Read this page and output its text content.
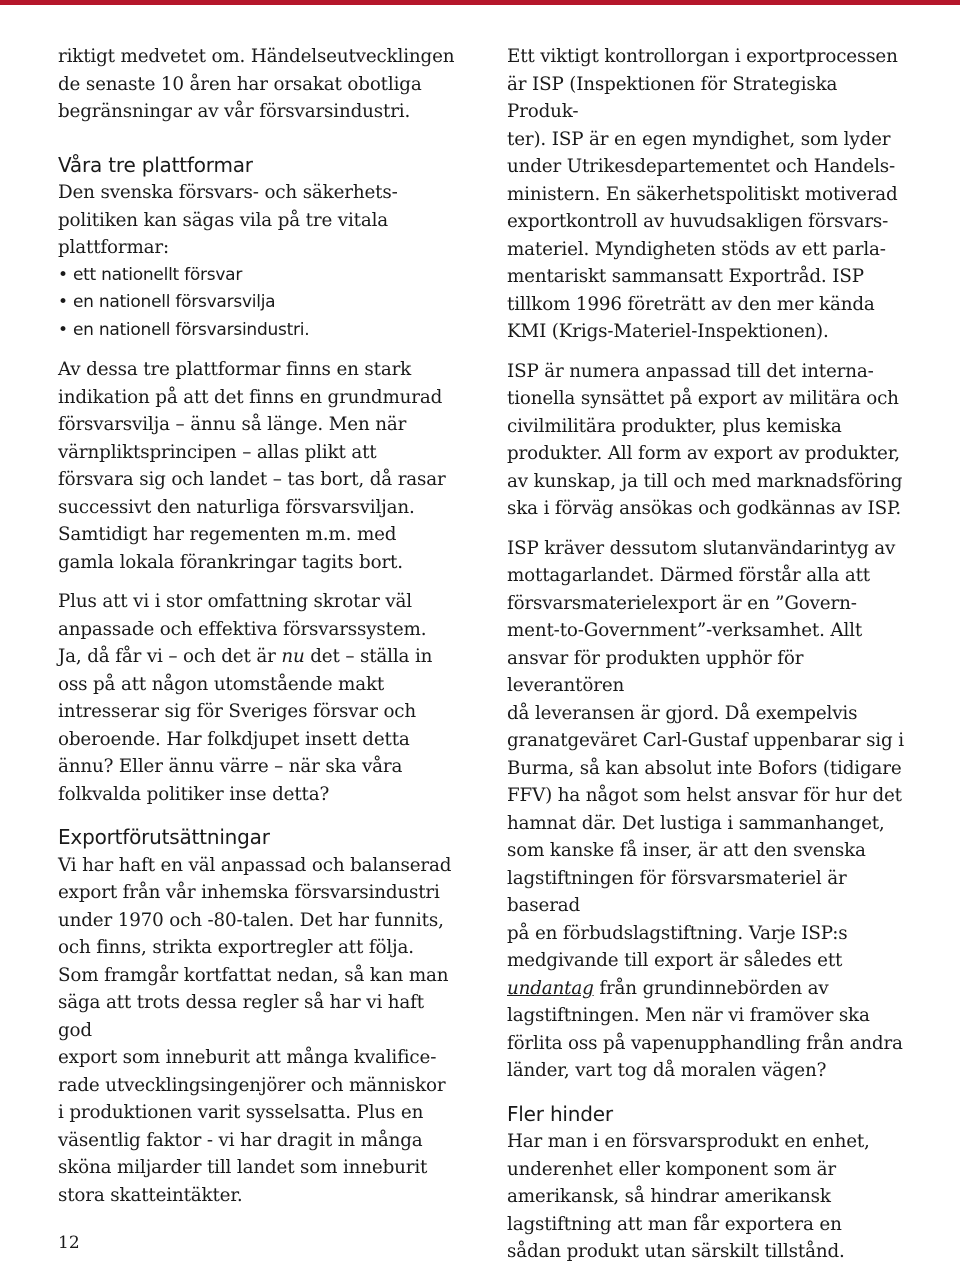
riktigt medvetet om. Händelseutvecklingen
de senaste 10 åren har orsakat obotliga
begränsningar av vår försvarsindustri.

Våra tre plattformar

Den svenska försvars- och säkerhets-
politiken kan sägas vila på tre vitala
plattformar:

• ett nationellt försvar
• en nationell försvarsvilja
• en nationell försvarsindustri.

Av dessa tre plattformar finns en stark
indikation på att det finns en grundmurad
försvarsvilja – ännu så länge. Men när
värnpliktsprincipen – allas plikt att
försvara sig och landet – tas bort, då rasar
successivt den naturliga försvarsviljan.
Samtidigt har regementen m.m. med
gamla lokala förankringar tagits bort.

Plus att vi i stor omfattning skrotar väl
anpassade och effektiva försvarssystem.
Ja, då får vi – och det är nu det – ställa in
oss på att någon utomstående makt
intresserar sig för Sveriges försvar och
oberoende. Har folkdjupet insett detta
ännu? Eller ännu värre – när ska våra
folkvalda politiker inse detta?

Exportförutsättningar

Vi har haft en väl anpassad och balanserad
export från vår inhemska försvarsindustri
under 1970 och -80-talen. Det har funnits,
och finns, strikta exportregler att följa.
Som framgår kortfattat nedan, så kan man
säga att trots dessa regler så har vi haft god
export som inneburit att många kvalifice-
rade utvecklingsingenjörer och människor
i produktionen varit sysselsatta. Plus en
väsentlig faktor - vi har dragit in många
sköna miljarder till landet som inneburit
stora skatteintäkter.

Ett viktigt kontrollorgan i exportprocessen
är ISP (Inspektionen för Strategiska Produk-
ter). ISP är en egen myndighet, som lyder
under Utrikesdepartementet och Handels-
ministern. En säkerhetspolitiskt motiverad
exportkontroll av huvudsakligen försvars-
materiel. Myndigheten stöds av ett parla-
mentariskt sammansatt Exportråd. ISP
tillkom 1996 företrätt av den mer kända
KMI (Krigs-Materiel-Inspektionen).

ISP är numera anpassad till det interna-
tionella synsättet på export av militära och
civilmilitära produkter, plus kemiska
produkter. All form av export av produkter,
av kunskap, ja till och med marknadsföring
ska i förväg ansökas och godkännas av ISP.

ISP kräver dessutom slutanvändarintyg av
mottagarlandet. Därmed förstår alla att
försvarsmaterielexport är en ”Govern-
ment-to-Government”-verksamhet. Allt
ansvar för produkten upphör för leverantören
då leveransen är gjord. Då exempelvis
granatgeväret Carl-Gustaf uppenbarar sig i
Burma, så kan absolut inte Bofors (tidigare
FFV) ha något som helst ansvar för hur det
hamnat där. Det lustiga i sammanhanget,
som kanske få inser, är att den svenska
lagstiftningen för försvarsmateriel är baserad
på en förbudslagstiftning. Varje ISP:s
medgivande till export är således ett
undantag från grundinnebörden av
lagstiftningen. Men när vi framöver ska
förlita oss på vapenupphandling från andra
länder, vart tog då moralen vägen?

Fler hinder

Har man i en försvarsprodukt en enhet,
underenhet eller komponent som är
amerikansk, så hindrar amerikansk
lagstiftning att man får exportera en
sådan produkt utan särskilt tillstånd.

12
